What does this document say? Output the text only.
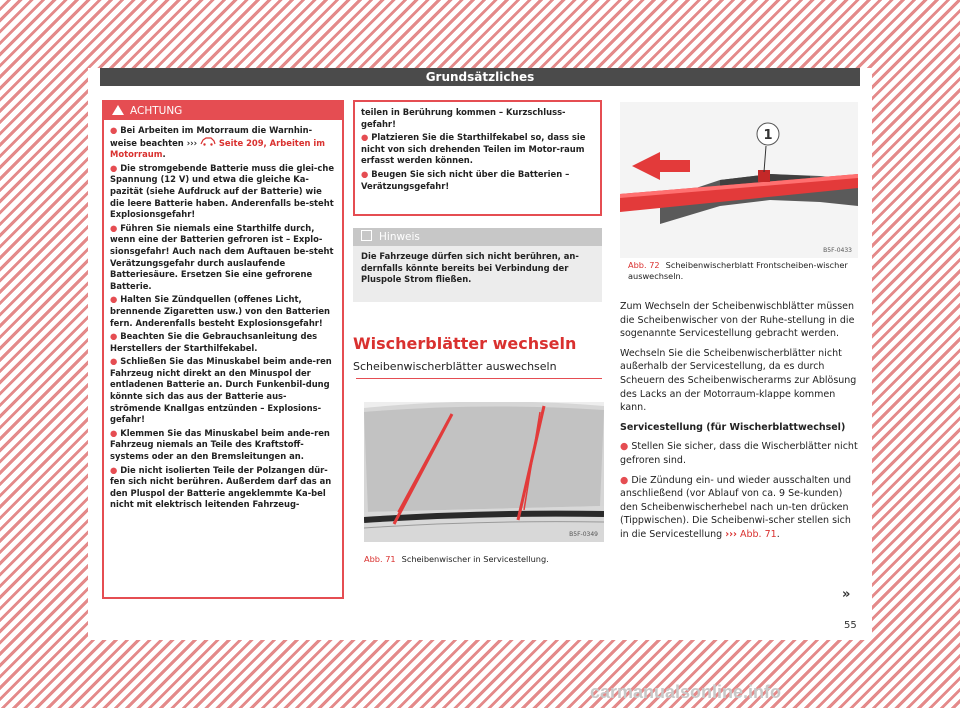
Grundsätzliches
ACHTUNG
● Bei Arbeiten im Motorraum die Warnhin-weise beachten ›››	Seite 209, Arbeiten im Motorraum.
● Die stromgebende Batterie muss die glei-che Spannung (12 V) und etwa die gleiche Ka-pazität (siehe Aufdruck auf der Batterie) wie die leere Batterie haben. Anderenfalls be-steht Explosionsgefahr!
● Führen Sie niemals eine Starthilfe durch, wenn eine der Batterien gefroren ist – Explo-sionsgefahr! Auch nach dem Auftauen be-steht Verätzungsgefahr durch auslaufende Batteriesäure. Ersetzen Sie eine gefrorene Batterie.
● Halten Sie Zündquellen (offenes Licht, brennende Zigaretten usw.) von den Batterien fern. Anderenfalls besteht Explosionsgefahr!
● Beachten Sie die Gebrauchsanleitung des Herstellers der Starthilfekabel.
● Schließen Sie das Minuskabel beim ande-ren Fahrzeug nicht direkt an den Minuspol der entladenen Batterie an. Durch Funkenbil-dung könnte sich das aus der Batterie aus-strömende Knallgas entzünden – Explosions-gefahr!
● Klemmen Sie das Minuskabel beim ande-ren Fahrzeug niemals an Teile des Kraftstoff-systems oder an den Bremsleitungen an.
● Die nicht isolierten Teile der Polzangen dür-fen sich nicht berühren. Außerdem darf das an den Pluspol der Batterie angeklemmte Ka-bel nicht mit elektrisch leitenden Fahrzeug-
teilen in Berührung kommen – Kurzschluss-gefahr!
● Platzieren Sie die Starthilfekabel so, dass sie nicht von sich drehenden Teilen im Motor-raum erfasst werden können.
● Beugen Sie sich nicht über die Batterien – Verätzungsgefahr!
Hinweis
Die Fahrzeuge dürfen sich nicht berühren, an-dernfalls könnte bereits bei Verbindung der Pluspole Strom fließen.
Wischerblätter wechseln
Scheibenwischerblätter auswechseln
B5F-0349
Abb. 71 Scheibenwischer in Servicestellung.
1
B5F-0433
Abb. 72 Scheibenwischerblatt Frontscheiben-wischer auswechseln.

Zum Wechseln der Scheibenwischblätter müssen die Scheibenwischer von der Ruhe-stellung in die sogenannte Servicestellung gebracht werden.

Wechseln Sie die Scheibenwischerblätter nicht außerhalb der Servicestellung, da es durch Scheuern des Scheibenwischerarms zur Ablösung des Lacks an der Motorraum-klappe kommen kann.

Servicestellung (für Wischerblattwechsel)

● Stellen Sie sicher, dass die Wischerblätter nicht gefroren sind.

● Die Zündung ein- und wieder ausschalten und anschließend (vor Ablauf von ca. 9 Se-kunden) den Scheibenwischerhebel nach un-ten drücken (Tippwischen). Die Scheibenwi-scher stellen sich in die Servicestellung ››› Abb. 71.

»
55
carmanualsonline.info
